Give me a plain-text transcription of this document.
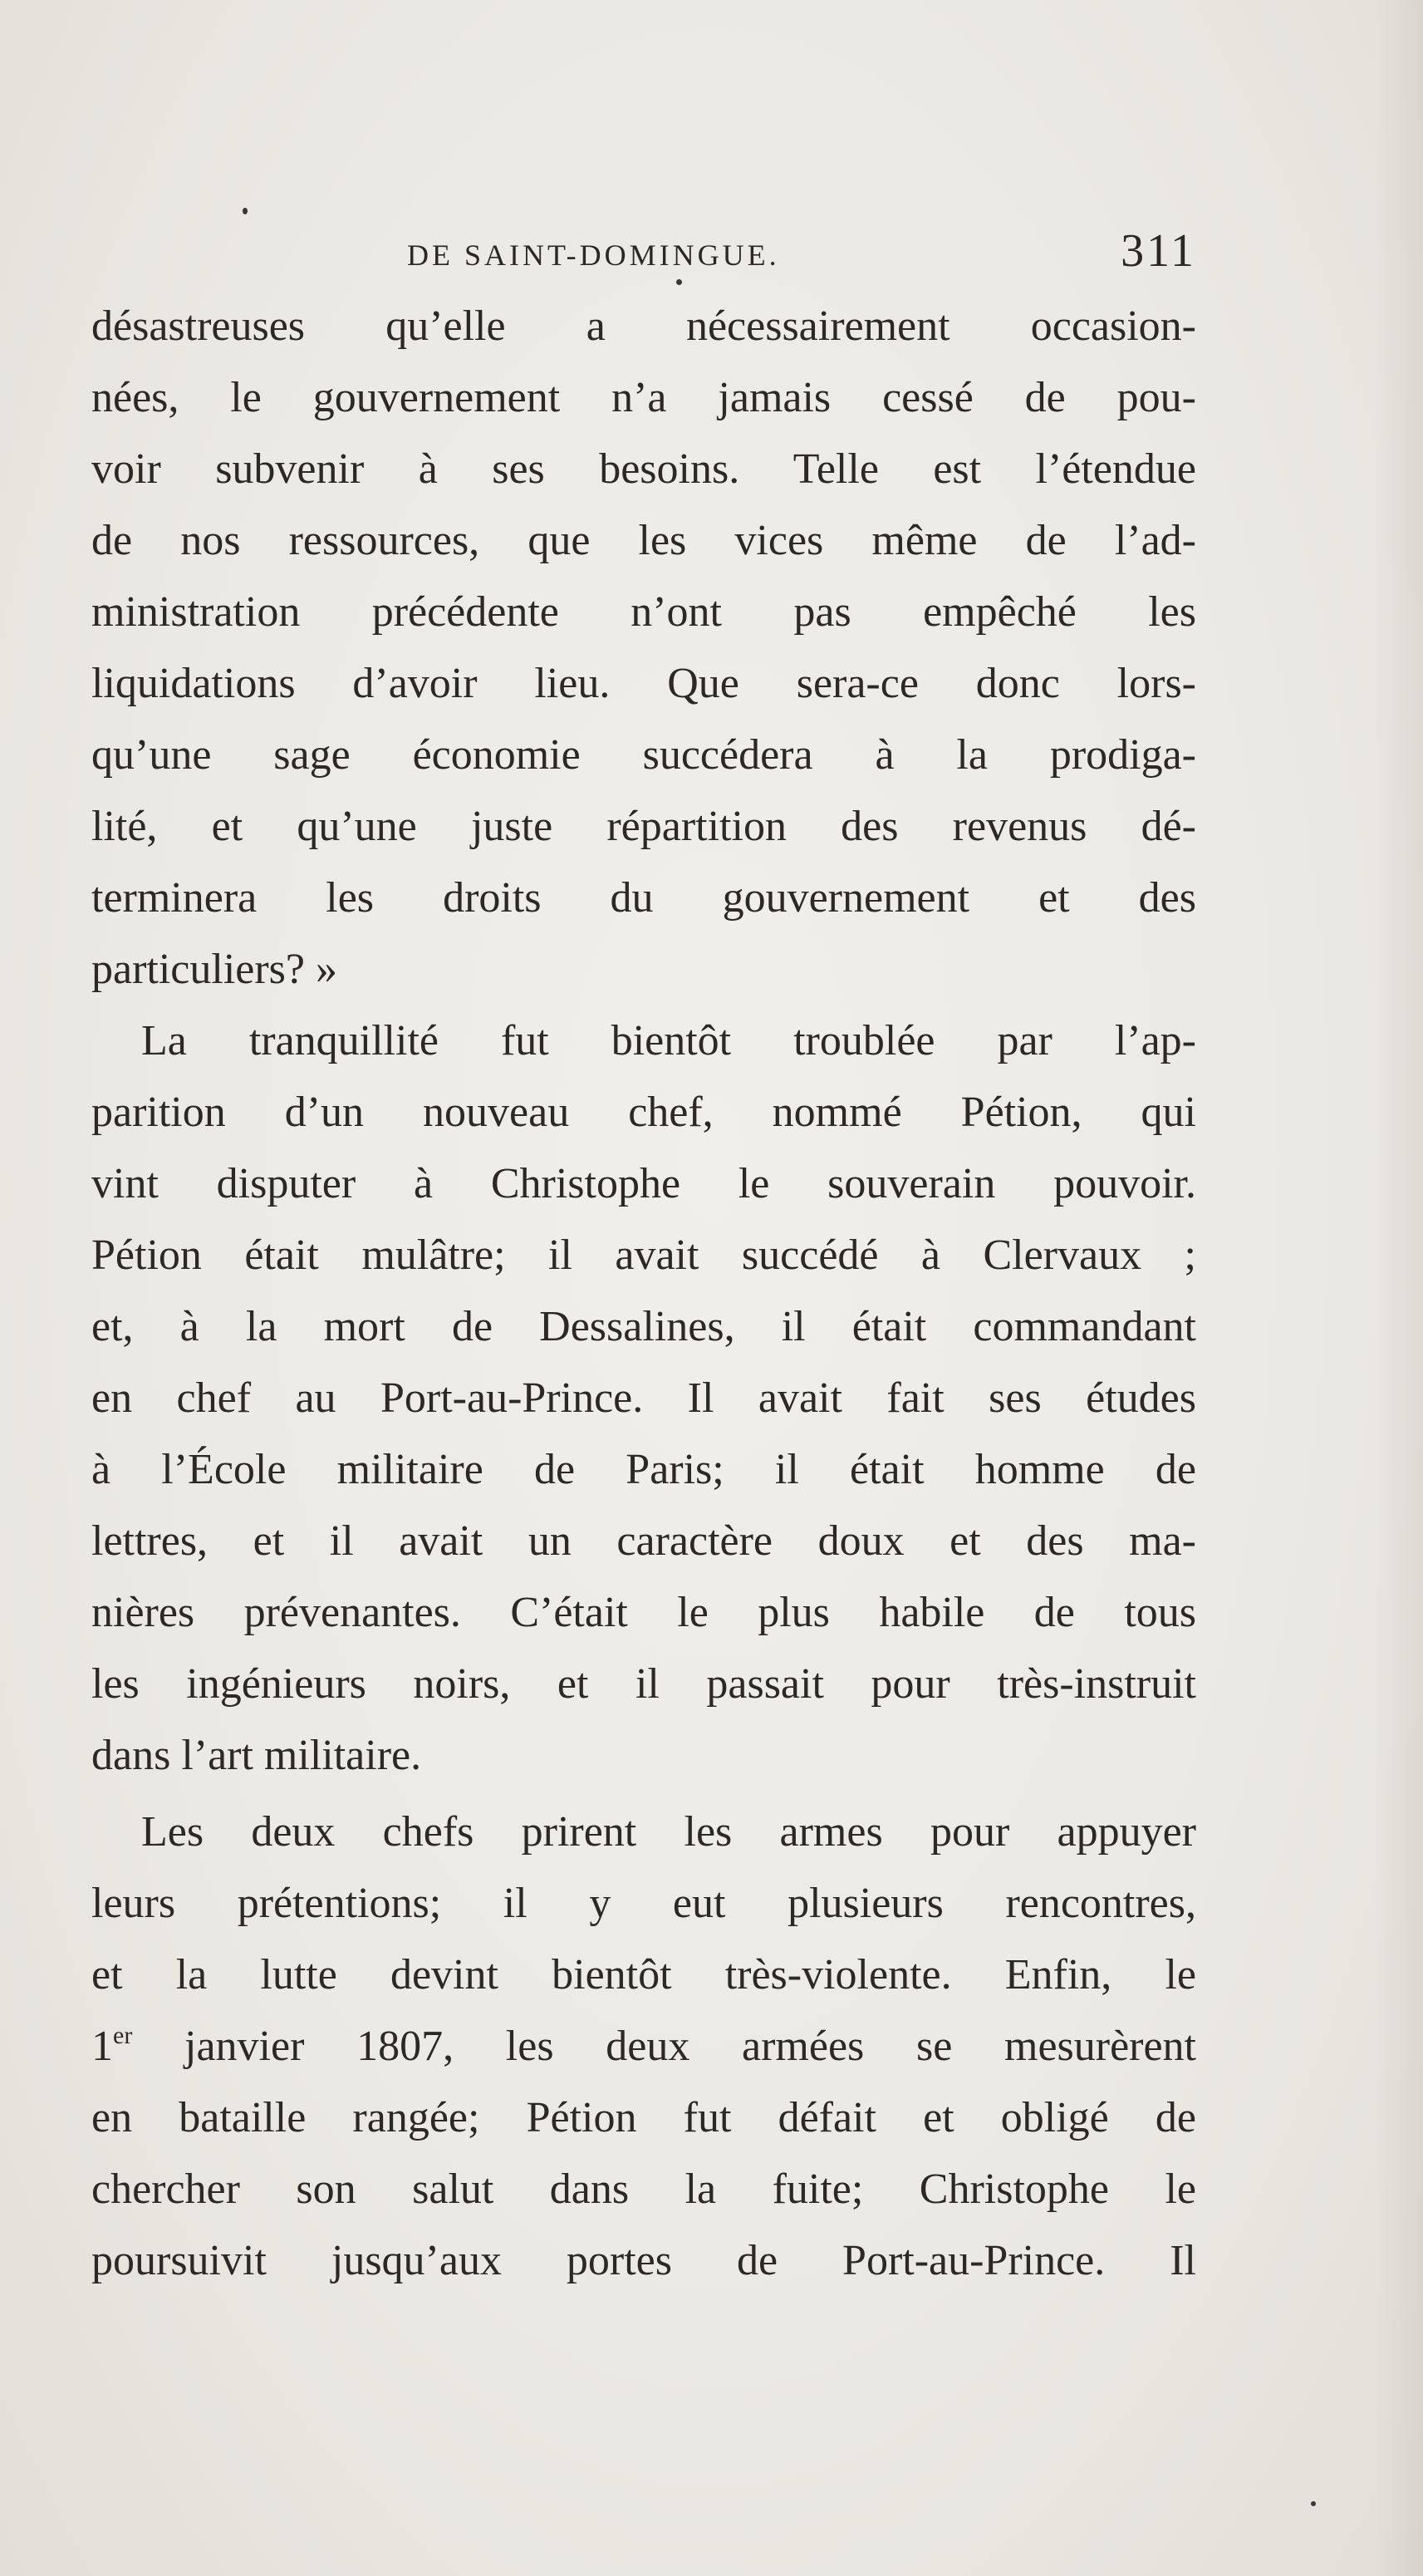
DE SAINT-DOMINGUE.	311
désastreuses qu’elle a nécessairement occasion-
nées, le gouvernement n’a jamais cessé de pou-
voir subvenir à ses besoins. Telle est l’étendue
de nos ressources, que les vices même de l’ad-
ministration précédente n’ont pas empêché les
liquidations d’avoir lieu. Que sera-ce donc lors-
qu’une sage économie succédera à la prodiga-
lité, et qu’une juste répartition des revenus dé-
terminera les droits du gouvernement et des
particuliers? »
La tranquillité fut bientôt troublée par l’ap-
parition d’un nouveau chef, nommé Pétion, qui
vint disputer à Christophe le souverain pouvoir.
Pétion était mulâtre; il avait succédé à Clervaux ;
et, à la mort de Dessalines, il était commandant
en chef au Port-au-Prince. Il avait fait ses études
à l’École militaire de Paris; il était homme de
lettres, et il avait un caractère doux et des ma-
nières prévenantes. C’était le plus habile de tous
les ingénieurs noirs, et il passait pour très-instruit
dans l’art militaire.
Les deux chefs prirent les armes pour appuyer
leurs prétentions; il y eut plusieurs rencontres,
et la lutte devint bientôt très-violente. Enfin, le
1er janvier 1807, les deux armées se mesurèrent
en bataille rangée; Pétion fut défait et obligé de
chercher son salut dans la fuite; Christophe le
poursuivit jusqu’aux portes de Port-au-Prince. Il
